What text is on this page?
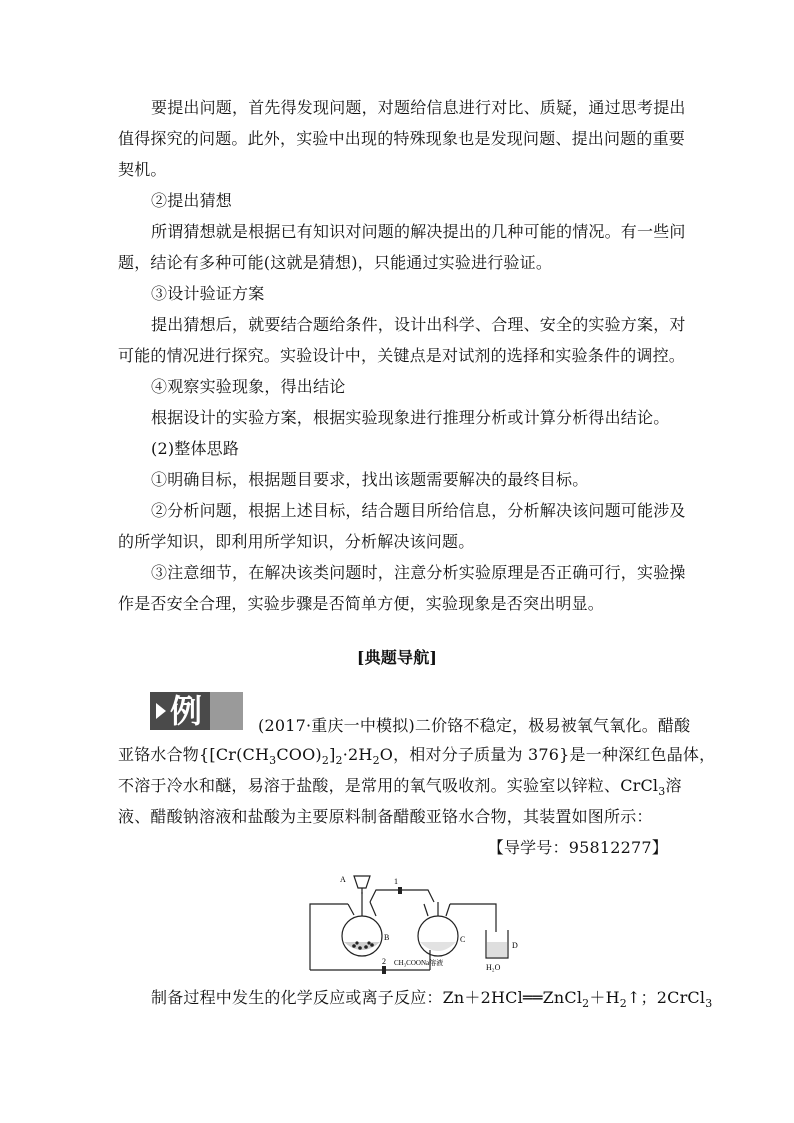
要提出问题，首先得发现问题，对题给信息进行对比、质疑，通过思考提出
值得探究的问题。此外，实验中出现的特殊现象也是发现问题、提出问题的重要
契机。
②提出猜想
所谓猜想就是根据已有知识对问题的解决提出的几种可能的情况。有一些问
题，结论有多种可能(这就是猜想)，只能通过实验进行验证。
③设计验证方案
提出猜想后，就要结合题给条件，设计出科学、合理、安全的实验方案，对
可能的情况进行探究。实验设计中，关键点是对试剂的选择和实验条件的调控。
④观察实验现象，得出结论
根据设计的实验方案，根据实验现象进行推理分析或计算分析得出结论。
(2)整体思路
①明确目标，根据题目要求，找出该题需要解决的最终目标。
②分析问题，根据上述目标，结合题目所给信息，分析解决该问题可能涉及
的所学知识，即利用所学知识，分析解决该问题。
③注意细节，在解决该类问题时，注意分析实验原理是否正确可行，实验操
作是否安全合理，实验步骤是否简单方便，实验现象是否突出明显。
[典题导航]
例	(2017·重庆一中模拟)二价铬不稳定，极易被氧气氧化。醋酸
亚铬水合物{$[Cr(CH_3COO)_2]_2\cdot 2H_2O$，相对分子质量为 376}是一种深红色晶体，
不溶于冷水和醚，易溶于盐酸，是常用的氧气吸收剂。实验室以锌粒、CrCl$_3$溶
液、醋酸钠溶液和盐酸为主要原料制备醋酸亚铬水合物，其装置如图所示：
【导学号：95812277】
A
B	C
D
1
2 CH₃COONa溶液	H₂O
制备过程中发生的化学反应或离子反应：$Zn+2HCl══ZnCl_2+H_2↑$；2CrCl$_3$
